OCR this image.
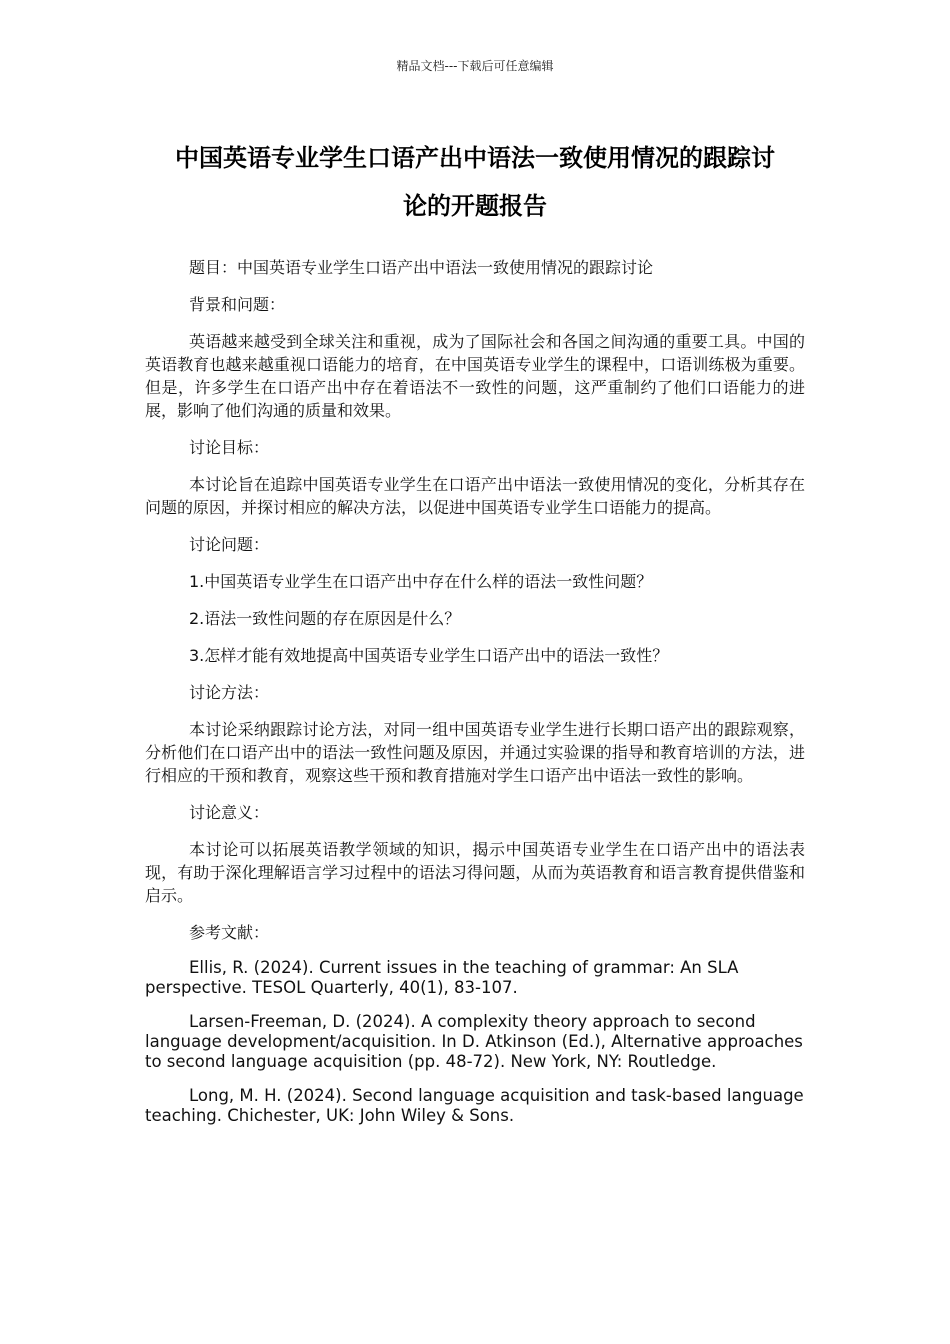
精品文档---下载后可任意编辑
中国英语专业学生口语产出中语法一致使用情况的跟踪讨
论的开题报告

题目：中国英语专业学生口语产出中语法一致使用情况的跟踪讨论

背景和问题：

英语越来越受到全球关注和重视，成为了国际社会和各国之间沟通的重要工具。中国的英语教育也越来越重视口语能力的培育，在中国英语专业学生的课程中，口语训练极为重要。但是，许多学生在口语产出中存在着语法不一致性的问题，这严重制约了他们口语能力的进展，影响了他们沟通的质量和效果。

讨论目标：

本讨论旨在追踪中国英语专业学生在口语产出中语法一致使用情况的变化，分析其存在问题的原因，并探讨相应的解决方法，以促进中国英语专业学生口语能力的提高。

讨论问题：

1.中国英语专业学生在口语产出中存在什么样的语法一致性问题？

2.语法一致性问题的存在原因是什么？

3.怎样才能有效地提高中国英语专业学生口语产出中的语法一致性？

讨论方法：

本讨论采纳跟踪讨论方法，对同一组中国英语专业学生进行长期口语产出的跟踪观察，分析他们在口语产出中的语法一致性问题及原因，并通过实验课的指导和教育培训的方法，进行相应的干预和教育，观察这些干预和教育措施对学生口语产出中语法一致性的影响。

讨论意义：

本讨论可以拓展英语教学领域的知识，揭示中国英语专业学生在口语产出中的语法表现，有助于深化理解语言学习过程中的语法习得问题，从而为英语教育和语言教育提供借鉴和启示。

参考文献：

Ellis, R. (2024). Current issues in the teaching of grammar: An SLA perspective. TESOL Quarterly, 40(1), 83-107.

Larsen-Freeman, D. (2024). A complexity theory approach to second language development/acquisition. In D. Atkinson (Ed.), Alternative approaches to second language acquisition (pp. 48-72). New York, NY: Routledge.

Long, M. H. (2024). Second language acquisition and task-based language teaching. Chichester, UK: John Wiley & Sons.
